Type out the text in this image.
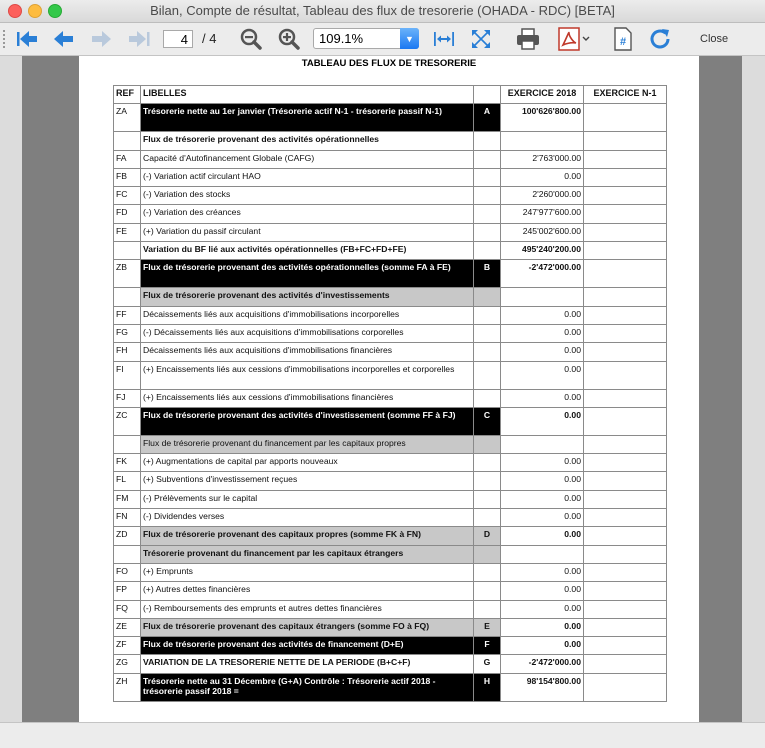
Bilan, Compte de résultat, Tableau des flux de tresorerie (OHADA - RDC) [BETA]
4	/ 4	109.1%	▼	#	Close
TABLEAU DES FLUX DE TRESORERIE
REF	LIBELLES		EXERCICE 2018	EXERCICE N-1
ZA	Trésorerie nette au 1er janvier (Trésorerie actif N-1 - trésorerie passif N-1)	A	100'626'800.00	
	Flux de trésorerie provenant des activités opérationnelles			
FA	Capacité d'Autofinancement Globale (CAFG)		2'763'000.00	
FB	(-) Variation actif circulant HAO		0.00	
FC	(-) Variation des stocks		2'260'000.00	
FD	(-) Variation des créances		247'977'600.00	
FE	(+) Variation du passif circulant		245'002'600.00	
	Variation du BF lié aux activités opérationnelles (FB+FC+FD+FE)		495'240'200.00	
ZB	Flux de trésorerie provenant des activités opérationnelles (somme FA à FE)	B	-2'472'000.00	
	Flux de trésorerie provenant des activités d'investissements			
FF	Décaissements liés aux acquisitions d'immobilisations incorporelles		0.00	
FG	(-) Décaissements liés aux acquisitions d'immobilisations corporelles		0.00	
FH	Décaissements liés aux acquisitions d'immobilisations financières		0.00	
FI	(+) Encaissements liés aux cessions d'immobilisations incorporelles et corporelles		0.00	
FJ	(+) Encaissements liés aux cessions d'immobilisations financières		0.00	
ZC	Flux de trésorerie provenant des activités d'investissement (somme FF à FJ)	C	0.00	
	Flux de trésorerie provenant du financement par les capitaux propres			
FK	(+) Augmentations de capital par apports nouveaux		0.00	
FL	(+) Subventions d'investissement reçues		0.00	
FM	(-) Prélèvements sur le capital		0.00	
FN	(-) Dividendes verses		0.00	
ZD	Flux de trésorerie provenant des capitaux propres (somme FK à FN)	D	0.00	
	Trésorerie provenant du financement par les capitaux étrangers			
FO	(+) Emprunts		0.00	
FP	(+) Autres dettes financières		0.00	
FQ	(-) Remboursements des emprunts et autres dettes financières		0.00	
ZE	Flux de trésorerie provenant des capitaux étrangers (somme FO à FQ)	E	0.00	
ZF	Flux de trésorerie provenant des activités de financement (D+E)	F	0.00	
ZG	VARIATION DE LA TRESORERIE NETTE DE LA PERIODE (B+C+F)	G	-2'472'000.00	
ZH	Trésorerie nette au 31 Décembre (G+A) Contrôle : Trésorerie actif 2018 - trésorerie passif 2018 =	H	98'154'800.00	
